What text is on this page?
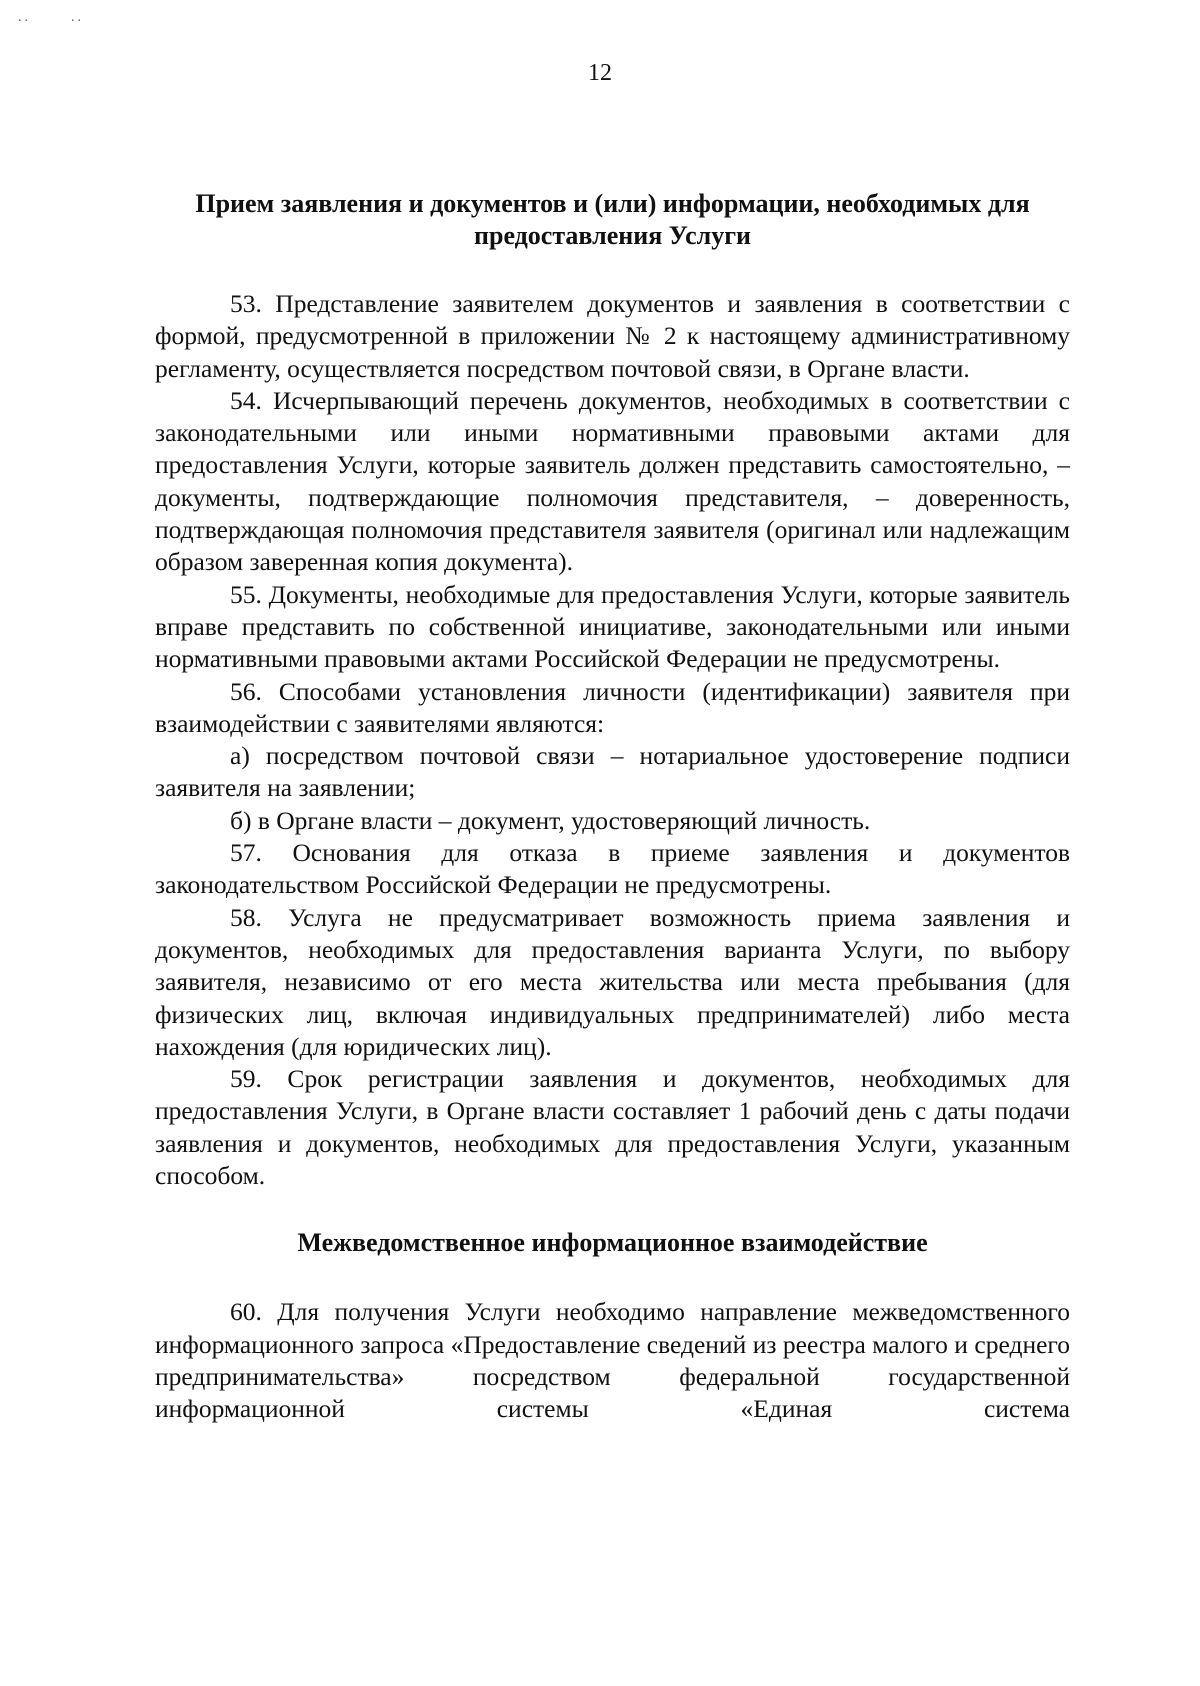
..	..
12
Прием заявления и документов и (или) информации, необходимых для
предоставления Услуги

53. Представление заявителем документов и заявления в соответствии с формой, предусмотренной в приложении № 2 к настоящему административному регламенту, осуществляется посредством почтовой связи, в Органе власти.

54. Исчерпывающий перечень документов, необходимых в соответствии с законодательными или иными нормативными правовыми актами для предоставления Услуги, которые заявитель должен представить самостоятельно, – документы, подтверждающие полномочия представителя, – доверенность, подтверждающая полномочия представителя заявителя (оригинал или надлежащим образом заверенная копия документа).

55. Документы, необходимые для предоставления Услуги, которые заявитель вправе представить по собственной инициативе, законодательными или иными нормативными правовыми актами Российской Федерации не предусмотрены.

56. Способами установления личности (идентификации) заявителя при взаимодействии с заявителями являются:

а) посредством почтовой связи – нотариальное удостоверение подписи заявителя на заявлении;

б) в Органе власти – документ, удостоверяющий личность.

57. Основания для отказа в приеме заявления и документов законодательством Российской Федерации не предусмотрены.

58. Услуга не предусматривает возможность приема заявления и документов, необходимых для предоставления варианта Услуги, по выбору заявителя, независимо от его места жительства или места пребывания (для физических лиц, включая индивидуальных предпринимателей) либо места нахождения (для юридических лиц).

59. Срок регистрации заявления и документов, необходимых для предоставления Услуги, в Органе власти составляет 1 рабочий день с даты подачи заявления и документов, необходимых для предоставления Услуги, указанным способом.

Межведомственное информационное взаимодействие

60. Для получения Услуги необходимо направление межведомственного информационного запроса «Предоставление сведений из реестра малого и среднего предпринимательства» посредством федеральной государственной информационной системы «Единая система
